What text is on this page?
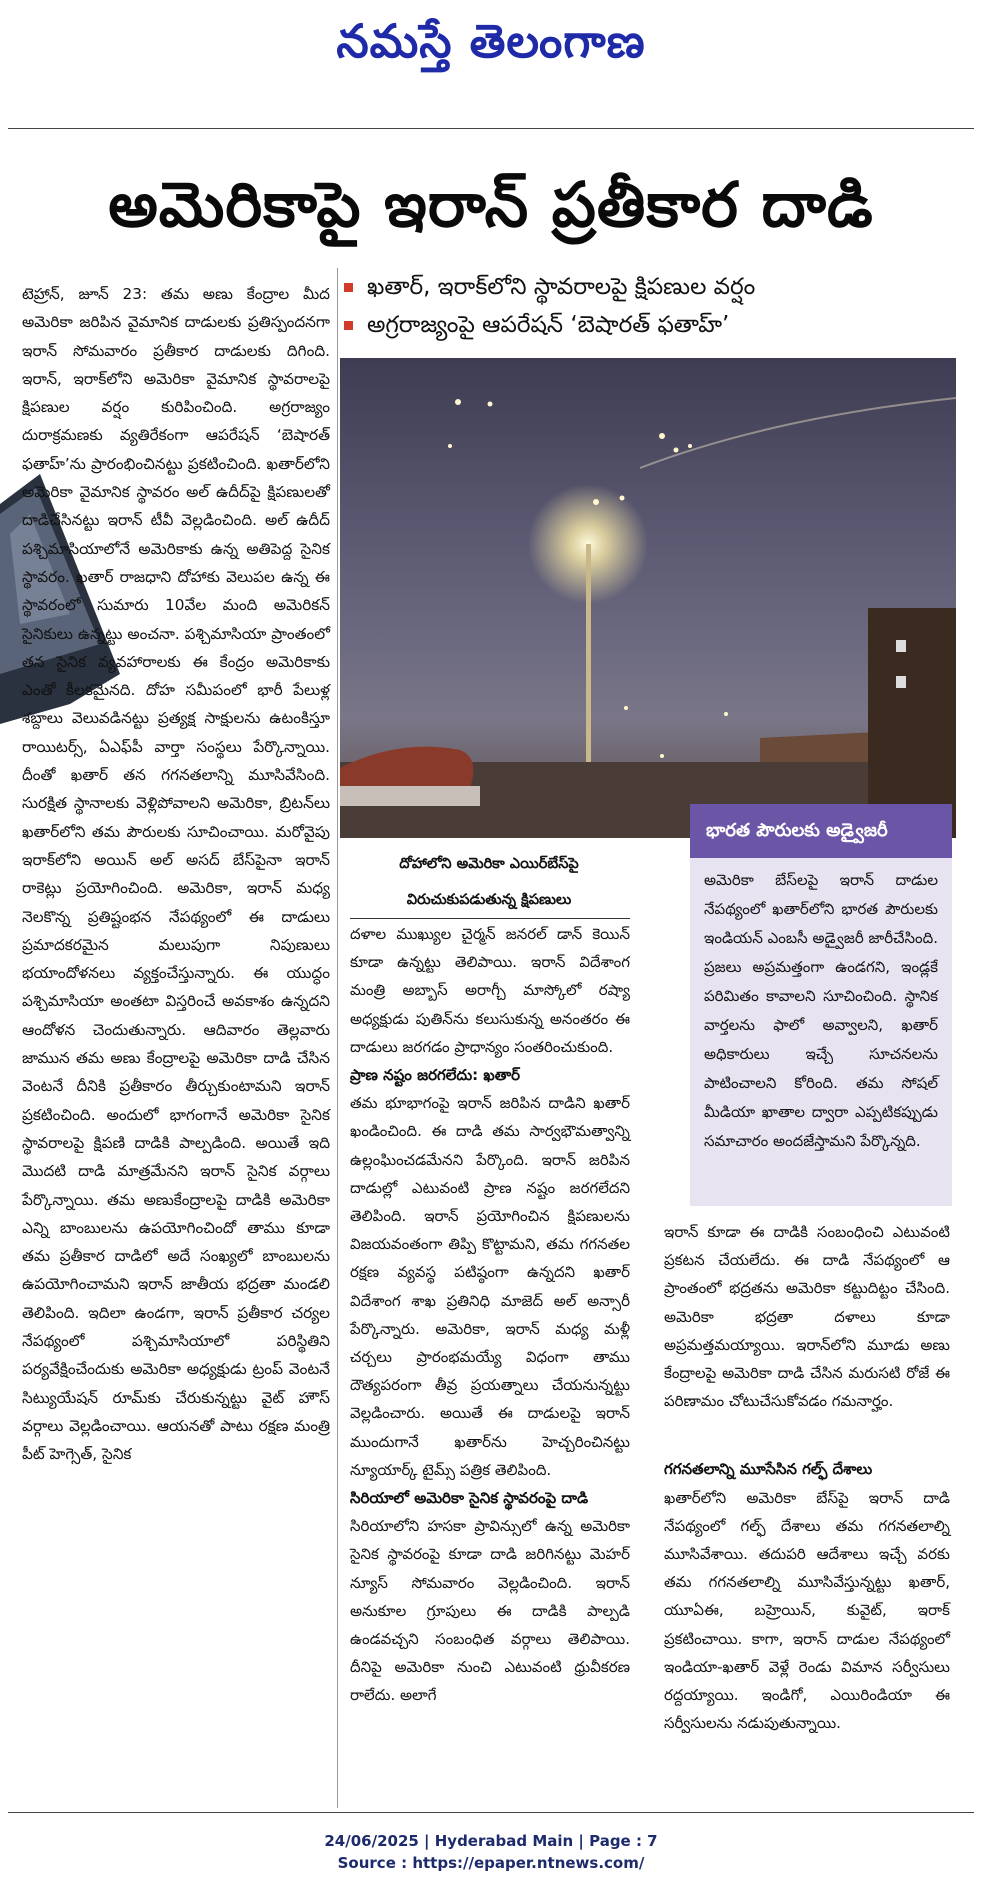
నమస్తే తెలంగాణ
అమెరికాపై ఇరాన్ ప్రతీకార దాడి
ఖతార్, ఇరాక్‌లోని స్థావరాలపై క్షిపణుల వర్షం
అగ్రరాజ్యంపై ఆపరేషన్ ‘బెషారత్ ఫతాహ్’
దోహాలోని అమెరికా ఎయిర్‌బేస్‌పై
విరుచుకుపడుతున్న క్షిపణులు

టెహ్రాన్, జూన్ 23: తమ అణు కేంద్రాల మీద అమెరికా జరిపిన వైమానిక దాడులకు ప్రతిస్పందనగా ఇరాన్ సోమవారం ప్రతీకార దాడులకు దిగింది. ఇరాన్, ఇరాక్‌లోని అమెరికా వైమానిక స్థావరాలపై క్షిపణుల వర్షం కురిపించింది. అగ్రరాజ్యం దురాక్రమణకు వ్యతిరేకంగా ఆపరేషన్ ‘బెషారత్ ఫతాహ్’ను ప్రారంభించినట్టు ప్రకటించింది. ఖతార్‌లోని అమెరికా వైమానిక స్థావరం అల్ ఉదీద్‌పై క్షిపణులతో దాడిచేసినట్టు ఇరాన్ టీవీ వెల్లడించింది. అల్ ఉదీద్ పశ్చిమాసియాలోనే అమెరికాకు ఉన్న అతిపెద్ద సైనిక స్థావరం. ఖతార్ రాజధాని దోహాకు వెలుపల ఉన్న ఈ స్థావరంలో సుమారు 10వేల మంది అమెరికన్ సైనికులు ఉన్నట్టు అంచనా. పశ్చిమాసియా ప్రాంతంలో తన సైనిక వ్యవహారాలకు ఈ కేంద్రం అమెరికాకు ఎంతో కీలకమైనది. దోహ సమీపంలో భారీ పేలుళ్ల శబ్దాలు వెలువడినట్టు ప్రత్యక్ష సాక్షులను ఉటంకిస్తూ రాయిటర్స్, ఏఎఫ్‌పీ వార్తా సంస్థలు పేర్కొన్నాయి. దీంతో ఖతార్ తన గగనతలాన్ని మూసివేసింది. సురక్షిత స్థానాలకు వెళ్లిపోవాలని అమెరికా, బ్రిటన్‌లు ఖతార్‌లోని తమ పౌరులకు సూచించాయి. మరోవైపు ఇరాక్‌లోని అయిన్ అల్ అసద్ బేస్‌పైనా ఇరాన్ రాకెట్లు ప్రయోగించింది. అమెరికా, ఇరాన్ మధ్య నెలకొన్న ప్రతిష్టంభన నేపథ్యంలో ఈ దాడులు ప్రమాదకరమైన మలుపుగా నిపుణులు భయాందోళనలు వ్యక్తంచేస్తున్నారు. ఈ యుద్ధం పశ్చిమాసియా అంతటా విస్తరించే అవకాశం ఉన్నదని ఆందోళన చెందుతున్నారు. ఆదివారం తెల్లవారు జామున తమ అణు కేంద్రాలపై అమెరికా దాడి చేసిన వెంటనే దీనికి ప్రతీకారం తీర్చుకుంటామని ఇరాన్ ప్రకటించింది. అందులో భాగంగానే అమెరికా సైనిక స్థావరాలపై క్షిపణి దాడికి పాల్పడింది. అయితే ఇది మొదటి దాడి మాత్రమేనని ఇరాన్ సైనిక వర్గాలు పేర్కొన్నాయి. తమ అణుకేంద్రాలపై దాడికి అమెరికా ఎన్ని బాంబులను ఉపయోగించిందో తాము కూడా తమ ప్రతీకార దాడిలో అదే సంఖ్యలో బాంబులను ఉపయోగించామని ఇరాన్ జాతీయ భద్రతా మండలి తెలిపింది. ఇదిలా ఉండగా, ఇరాన్ ప్రతీకార చర్యల నేపథ్యంలో పశ్చిమాసియాలో పరిస్థితిని పర్యవేక్షించేందుకు అమెరికా అధ్యక్షుడు ట్రంప్ వెంటనే సిట్యుయేషన్ రూమ్‌కు చేరుకున్నట్టు వైట్ హౌస్ వర్గాలు వెల్లడించాయి. ఆయనతో పాటు రక్షణ మంత్రి పీట్ హెగ్సెత్, సైనిక

దళాల ముఖ్యుల చైర్మన్ జనరల్ డాన్ కెయిన్ కూడా ఉన్నట్టు తెలిపాయి. ఇరాన్ విదేశాంగ మంత్రి అబ్బాస్ అరాగ్చీ మాస్కోలో రష్యా అధ్యక్షుడు పుతిన్‌ను కలుసుకున్న అనంతరం ఈ దాడులు జరగడం ప్రాధాన్యం సంతరించుకుంది.

ప్రాణ నష్టం జరగలేదు: ఖతార్

తమ భూభాగంపై ఇరాన్ జరిపిన దాడిని ఖతార్ ఖండించింది. ఈ దాడి తమ సార్వభౌమత్వాన్ని ఉల్లంఘించడమేనని పేర్కొంది. ఇరాన్ జరిపిన దాడుల్లో ఎటువంటి ప్రాణ నష్టం జరగలేదని తెలిపింది. ఇరాన్ ప్రయోగించిన క్షిపణులను విజయవంతంగా తిప్పి కొట్టామని, తమ గగనతల రక్షణ వ్యవస్థ పటిష్ఠంగా ఉన్నదని ఖతార్ విదేశాంగ శాఖ ప్రతినిధి మాజెద్ అల్ అన్సారీ పేర్కొన్నారు. అమెరికా, ఇరాన్ మధ్య మళ్లీ చర్చలు ప్రారంభమయ్యే విధంగా తాము దౌత్యపరంగా తీవ్ర ప్రయత్నాలు చేయనున్నట్టు వెల్లడించారు. అయితే ఈ దాడులపై ఇరాన్ ముందుగానే ఖతార్‌ను హెచ్చరించినట్టు న్యూయార్క్ టైమ్స్ పత్రిక తెలిపింది.

సిరియాలో అమెరికా సైనిక స్థావరంపై దాడి

సిరియాలోని హసకా ప్రావిన్సులో ఉన్న అమెరికా సైనిక స్థావరంపై కూడా దాడి జరిగినట్టు మెహర్ న్యూస్ సోమవారం వెల్లడించింది. ఇరాన్ అనుకూల గ్రూపులు ఈ దాడికి పాల్పడి ఉండవచ్చని సంబంధిత వర్గాలు తెలిపాయి. దీనిపై అమెరికా నుంచి ఎటువంటి ధ్రువీకరణ రాలేదు. అలాగే

భారత పౌరులకు అడ్వైజరీ
అమెరికా బేస్‌లపై ఇరాన్ దాడుల నేపథ్యంలో ఖతార్‌లోని భారత పౌరులకు ఇండియన్ ఎంబసీ అడ్వైజరీ జారీచేసింది. ప్రజలు అప్రమత్తంగా ఉండగని, ఇండ్లకే పరిమితం కావాలని సూచించింది. స్థానిక వార్తలను ఫాలో అవ్వాలని, ఖతార్ అధికారులు ఇచ్చే సూచనలను పాటించాలని కోరింది. తమ సోషల్ మీడియా ఖాతాల ద్వారా ఎప్పటికప్పుడు సమాచారం అందజేస్తామని పేర్కొన్నది.

ఇరాన్ కూడా ఈ దాడికి సంబంధించి ఎటువంటి ప్రకటన చేయలేదు. ఈ దాడి నేపథ్యంలో ఆ ప్రాంతంలో భద్రతను అమెరికా కట్టుదిట్టం చేసింది. అమెరికా భద్రతా దళాలు కూడా అప్రమత్తమయ్యాయి. ఇరాన్‌లోని మూడు అణు కేంద్రాలపై అమెరికా దాడి చేసిన మరుసటి రోజే ఈ పరిణామం చోటుచేసుకోవడం గమనార్హం.

గగనతలాన్ని మూసేసిన గల్ఫ్ దేశాలు

ఖతార్‌లోని అమెరికా బేస్‌పై ఇరాన్ దాడి నేపథ్యంలో గల్ఫ్ దేశాలు తమ గగనతలాల్ని మూసివేశాయి. తదుపరి ఆదేశాలు ఇచ్చే వరకు తమ గగనతలాల్ని మూసివేస్తున్నట్టు ఖతార్, యూఏఈ, బహ్రెయిన్, కువైట్, ఇరాక్ ప్రకటించాయి. కాగా, ఇరాన్ దాడుల నేపథ్యంలో ఇండియా-ఖతార్ వెళ్లే రెండు విమాన సర్వీసులు రద్దయ్యాయి. ఇండిగో, ఎయిరిండియా ఈ సర్వీసులను నడుపుతున్నాయి.

24/06/2025 | Hyderabad Main | Page : 7
Source : https://epaper.ntnews.com/
